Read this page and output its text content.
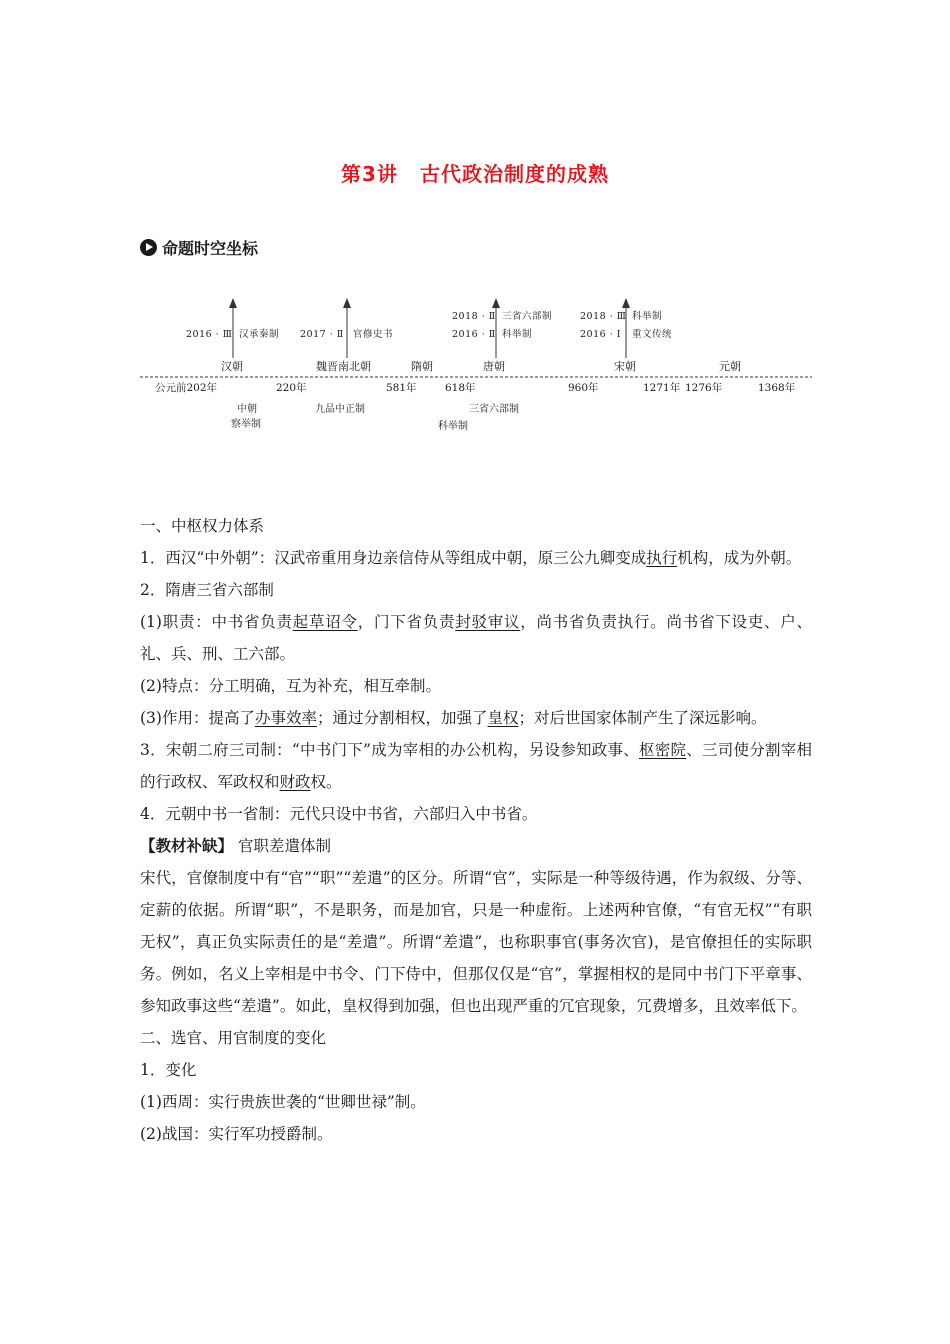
第3讲 古代政治制度的成熟
命题时空坐标
2016 · Ⅲ 汉承秦制 2017 · Ⅱ 官修史书
2018 · Ⅱ 三省六部制
2016 · Ⅱ 科举制
2018 · Ⅲ 科举制
2016 · Ⅰ 重文传统
汉朝	魏晋南北朝	隋朝	唐朝	宋朝	元朝
公元前202年	220年	581年	618年	960年	1271年 1276年	1368年
中朝
察举制
九品中正制	三省六部制
科举制

一、中枢权力体系

1．西汉“中外朝”：汉武帝重用身边亲信侍从等组成中朝，原三公九卿变成执行机构，成为外朝。

2．隋唐三省六部制

(1)职责：中书省负责起草诏令，门下省负责封驳审议，尚书省负责执行。尚书省下设吏、户、礼、兵、刑、工六部。

(2)特点：分工明确，互为补充，相互牵制。

(3)作用：提高了办事效率；通过分割相权，加强了皇权；对后世国家体制产生了深远影响。

3．宋朝二府三司制：“中书门下”成为宰相的办公机构，另设参知政事、枢密院、三司使分割宰相的行政权、军政权和财政权。

4．元朝中书一省制：元代只设中书省，六部归入中书省。

【教材补缺】 官职差遣体制

宋代，官僚制度中有“官”“职”“差遣”的区分。所谓“官”，实际是一种等级待遇，作为叙级、分等、定薪的依据。所谓“职”，不是职务，而是加官，只是一种虚衔。上述两种官僚，“有官无权”“有职无权”，真正负实际责任的是“差遣”。所谓“差遣”，也称职事官(事务次官)，是官僚担任的实际职务。例如，名义上宰相是中书令、门下侍中，但那仅仅是“官”，掌握相权的是同中书门下平章事、参知政事这些“差遣”。如此，皇权得到加强，但也出现严重的冗官现象，冗费增多，且效率低下。

二、选官、用官制度的变化

1．变化

(1)西周：实行贵族世袭的“世卿世禄”制。

(2)战国：实行军功授爵制。
